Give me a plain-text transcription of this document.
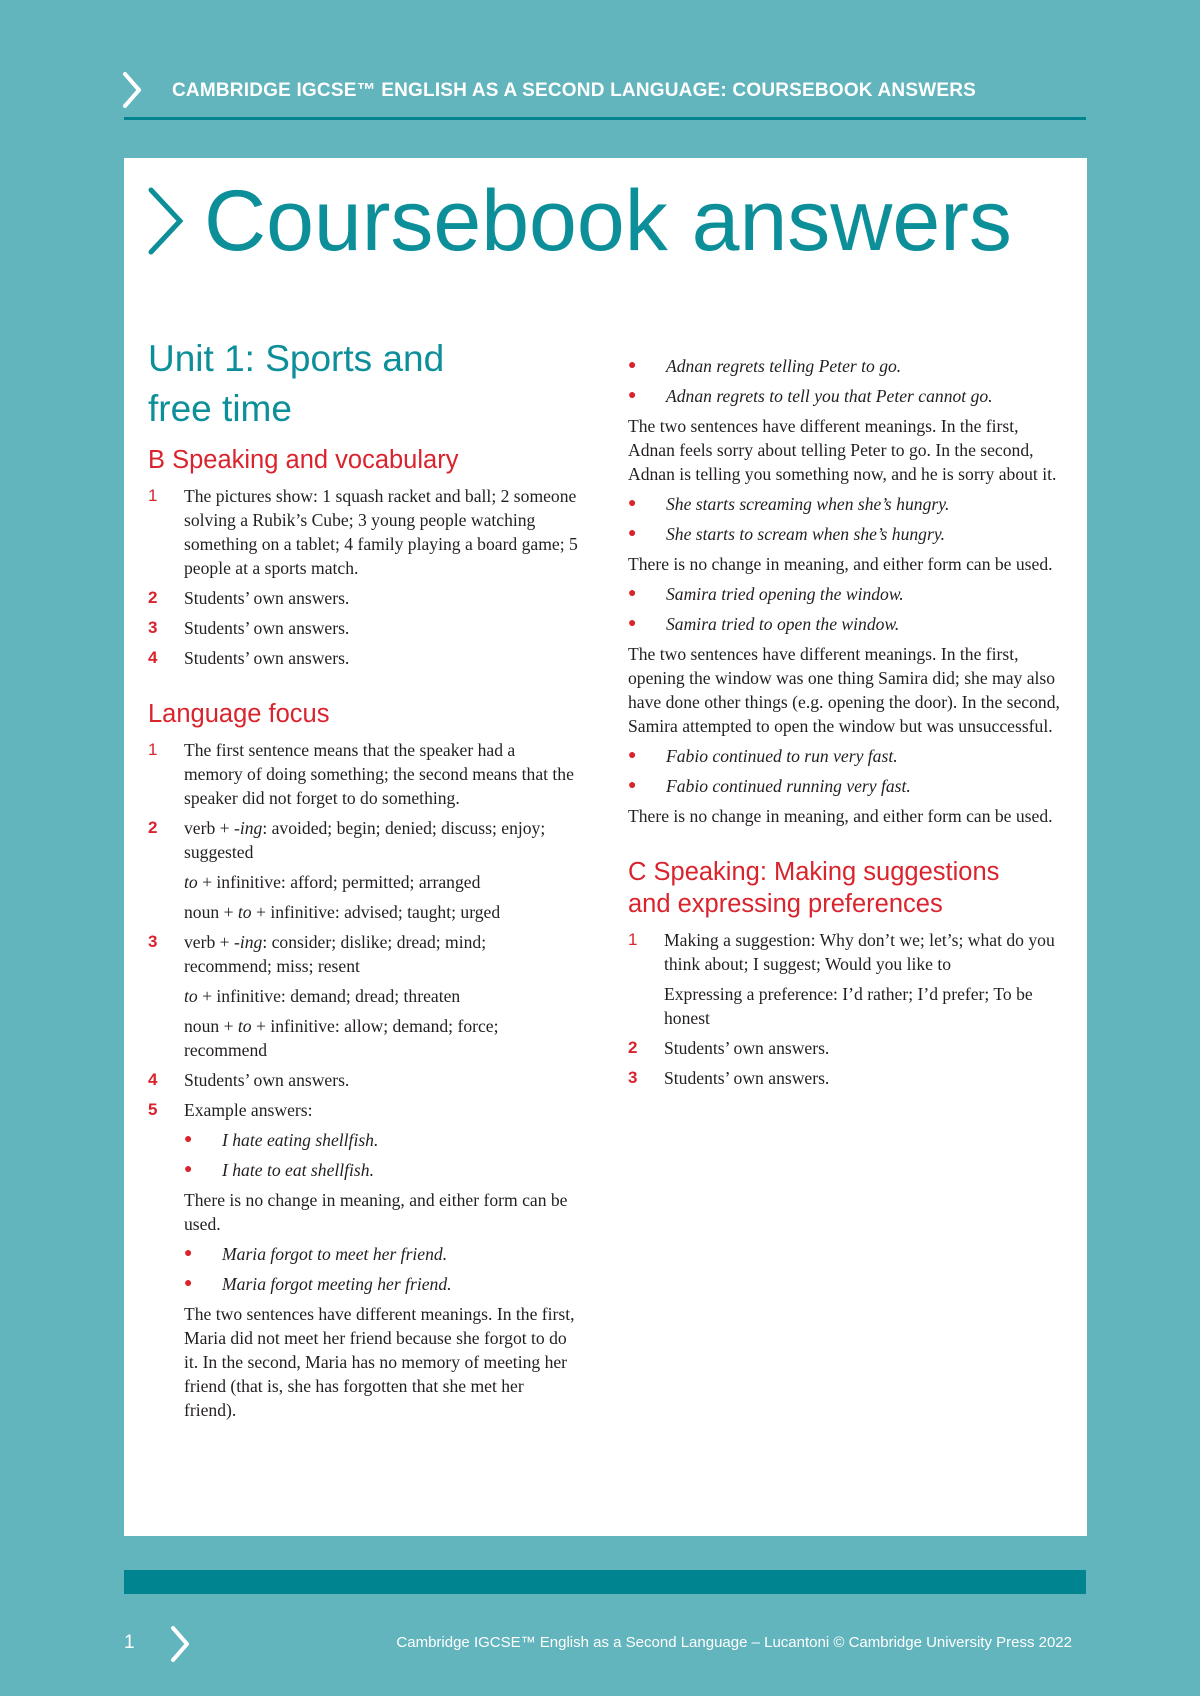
CAMBRIDGE IGCSE™ ENGLISH AS A SECOND LANGUAGE: COURSEBOOK ANSWERS
Coursebook answers
Unit 1: Sports and
free time
B Speaking and vocabulary
1	The pictures show: 1 squash racket and ball; 2 someone solving a Rubik’s Cube; 3 young people watching something on a tablet; 4 family playing a board game; 5 people at a sports match.
2	Students’ own answers.
3	Students’ own answers.
4	Students’ own answers.
Language focus
1	The first sentence means that the speaker had a memory of doing something; the second means that the speaker did not forget to do something.
2	verb + -ing: avoided; begin; denied; discuss; enjoy; suggested
to + infinitive: afford; permitted; arranged
noun + to + infinitive: advised; taught; urged
3	verb + -ing: consider; dislike; dread; mind; recommend; miss; resent
to + infinitive: demand; dread; threaten
noun + to + infinitive: allow; demand; force; recommend
4	Students’ own answers.
5	Example answers:
●	I hate eating shellfish.
●	I hate to eat shellfish.
There is no change in meaning, and either form can be used.
●	Maria forgot to meet her friend.
●	Maria forgot meeting her friend.
The two sentences have different meanings. In the first, Maria did not meet her friend because she forgot to do it. In the second, Maria has no memory of meeting her friend (that is, she has forgotten that she met her friend).
●	Adnan regrets telling Peter to go.
●	Adnan regrets to tell you that Peter cannot go.
The two sentences have different meanings. In the first, Adnan feels sorry about telling Peter to go. In the second, Adnan is telling you something now, and he is sorry about it.
●	She starts screaming when she’s hungry.
●	She starts to scream when she’s hungry.
There is no change in meaning, and either form can be used.
●	Samira tried opening the window.
●	Samira tried to open the window.
The two sentences have different meanings. In the first, opening the window was one thing Samira did; she may also have done other things (e.g. opening the door). In the second, Samira attempted to open the window but was unsuccessful.
●	Fabio continued to run very fast.
●	Fabio continued running very fast.
There is no change in meaning, and either form can be used.
C Speaking: Making suggestions
and expressing preferences
1	Making a suggestion: Why don’t we; let’s; what do you think about; I suggest; Would you like to
Expressing a preference: I’d rather; I’d prefer; To be honest
2	Students’ own answers.
3	Students’ own answers.
1	Cambridge IGCSE™ English as a Second Language – Lucantoni © Cambridge University Press 2022
